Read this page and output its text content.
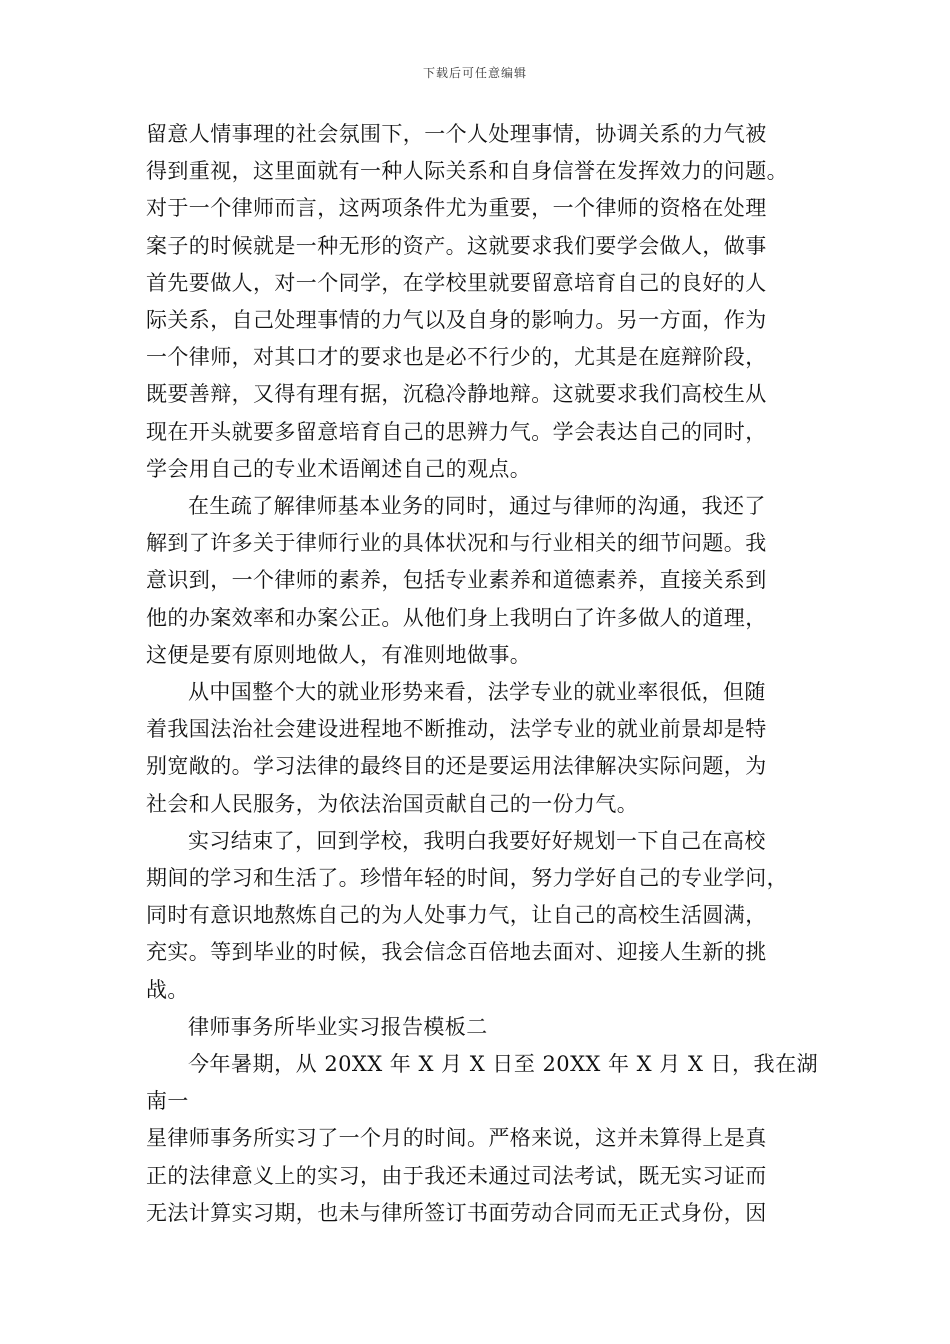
下载后可任意编辑

留意人情事理的社会氛围下，一个人处理事情，协调关系的力气被
得到重视，这里面就有一种人际关系和自身信誉在发挥效力的问题。
对于一个律师而言，这两项条件尤为重要，一个律师的资格在处理
案子的时候就是一种无形的资产。这就要求我们要学会做人，做事
首先要做人，对一个同学，在学校里就要留意培育自己的良好的人
际关系，自己处理事情的力气以及自身的影响力。另一方面，作为
一个律师，对其口才的要求也是必不行少的，尤其是在庭辩阶段，
既要善辩，又得有理有据，沉稳冷静地辩。这就要求我们高校生从
现在开头就要多留意培育自己的思辨力气。学会表达自己的同时，
学会用自己的专业术语阐述自己的观点。

在生疏了解律师基本业务的同时，通过与律师的沟通，我还了
解到了许多关于律师行业的具体状况和与行业相关的细节问题。我
意识到，一个律师的素养，包括专业素养和道德素养，直接关系到
他的办案效率和办案公正。从他们身上我明白了许多做人的道理，
这便是要有原则地做人，有准则地做事。

从中国整个大的就业形势来看，法学专业的就业率很低，但随
着我国法治社会建设进程地不断推动，法学专业的就业前景却是特
别宽敞的。学习法律的最终目的还是要运用法律解决实际问题，为
社会和人民服务，为依法治国贡献自己的一份力气。

实习结束了，回到学校，我明白我要好好规划一下自己在高校
期间的学习和生活了。珍惜年轻的时间，努力学好自己的专业学问，
同时有意识地熬炼自己的为人处事力气，让自己的高校生活圆满，
充实。等到毕业的时候，我会信念百倍地去面对、迎接人生新的挑
战。

律师事务所毕业实习报告模板二

今年暑期，从 20XX 年 X 月 X 日至 20XX 年 X 月 X 日，我在湖南一
星律师事务所实习了一个月的时间。严格来说，这并未算得上是真
正的法律意义上的实习，由于我还未通过司法考试，既无实习证而
无法计算实习期，也未与律所签订书面劳动合同而无正式身份，因
